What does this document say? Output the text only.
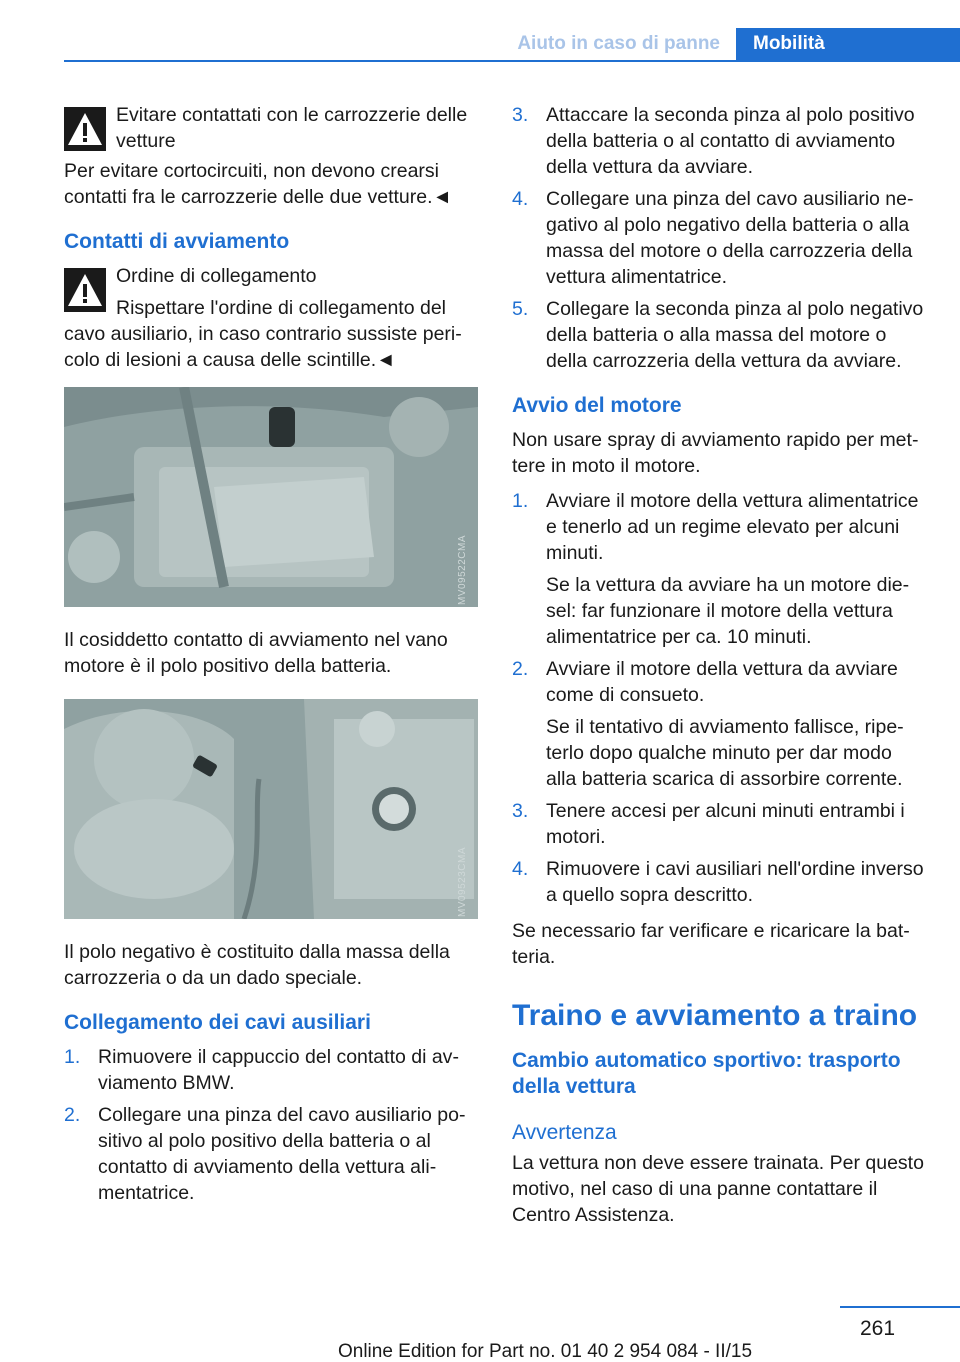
Aiuto in caso di panne	Mobilità
Evitare contattati con le carrozzerie delle vetture

Per evitare cortocircuiti, non devono crearsi contatti fra le carrozzerie delle due vetture.◄

Contatti di avviamento
Ordine di collegamento

Rispettare l'ordine di collegamento del cavo ausiliario, in caso contrario sussiste pericolo di lesioni a causa delle scintille.◄

MV09522CMA

Il cosiddetto contatto di avviamento nel vano motore è il polo positivo della batteria.

MV09523CMA

Il polo negativo è costituito dalla massa della carrozzeria o da un dado speciale.

Collegamento dei cavi ausiliari
1. Rimuovere il cappuccio del contatto di avviamento BMW.
2. Collegare una pinza del cavo ausiliario positivo al polo positivo della batteria o al contatto di avviamento della vettura alimentatrice.
3. Attaccare la seconda pinza al polo positivo della batteria o al contatto di avviamento della vettura da avviare.
4. Collegare una pinza del cavo ausiliario negativo al polo negativo della batteria o alla massa del motore o della carrozzeria della vettura alimentatrice.
5. Collegare la seconda pinza al polo negativo della batteria o alla massa del motore o della carrozzeria della vettura da avviare.
Avvio del motore

Non usare spray di avviamento rapido per mettere in moto il motore.

1. Avviare il motore della vettura alimentatrice e tenerlo ad un regime elevato per alcuni minuti.
Se la vettura da avviare ha un motore diesel: far funzionare il motore della vettura alimentatrice per ca. 10 minuti.
2. Avviare il motore della vettura da avviare come di consueto.
Se il tentativo di avviamento fallisce, ripeterlo dopo qualche minuto per dar modo alla batteria scarica di assorbire corrente.
3. Tenere accesi per alcuni minuti entrambi i motori.
4. Rimuovere i cavi ausiliari nell'ordine inverso a quello sopra descritto.

Se necessario far verificare e ricaricare la batteria.

Traino e avviamento a traino
Cambio automatico sportivo: trasporto della vettura
Avvertenza

La vettura non deve essere trainata. Per questo motivo, nel caso di una panne contattare il Centro Assistenza.

261
Online Edition for Part no. 01 40 2 954 084 - II/15
